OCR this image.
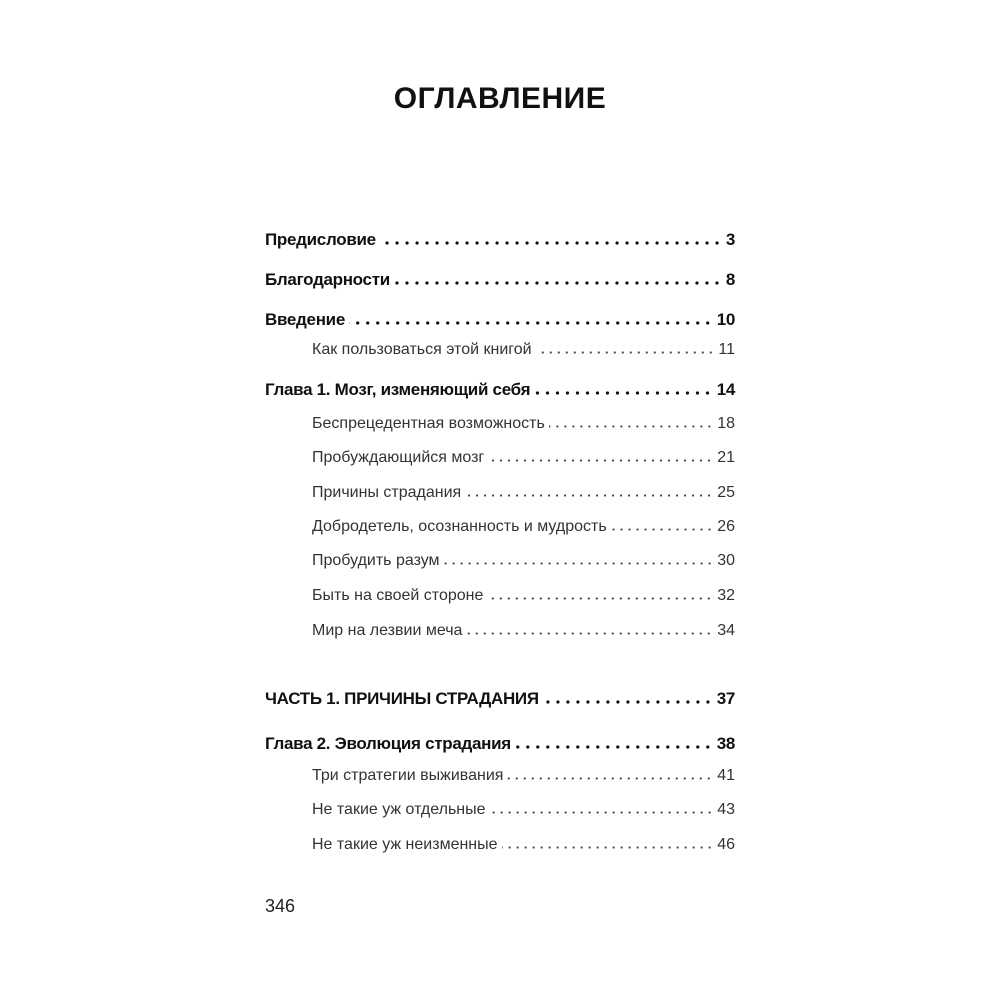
ОГЛАВЛЕНИЕ
Предисловие	3
Благодарности	8
Введение	10
Как пользоваться этой книгой	11
Глава 1. Мозг, изменяющий себя	14
Беспрецедентная возможность	18
Пробуждающийся мозг	21
Причины страдания	25
Добродетель, осознанность и мудрость	26
Пробудить разум	30
Быть на своей стороне	32
Мир на лезвии меча	34
ЧАСТЬ 1. ПРИЧИНЫ СТРАДАНИЯ	37
Глава 2. Эволюция страдания	38
Три стратегии выживания	41
Не такие уж отдельные	43
Не такие уж неизменные	46
346
